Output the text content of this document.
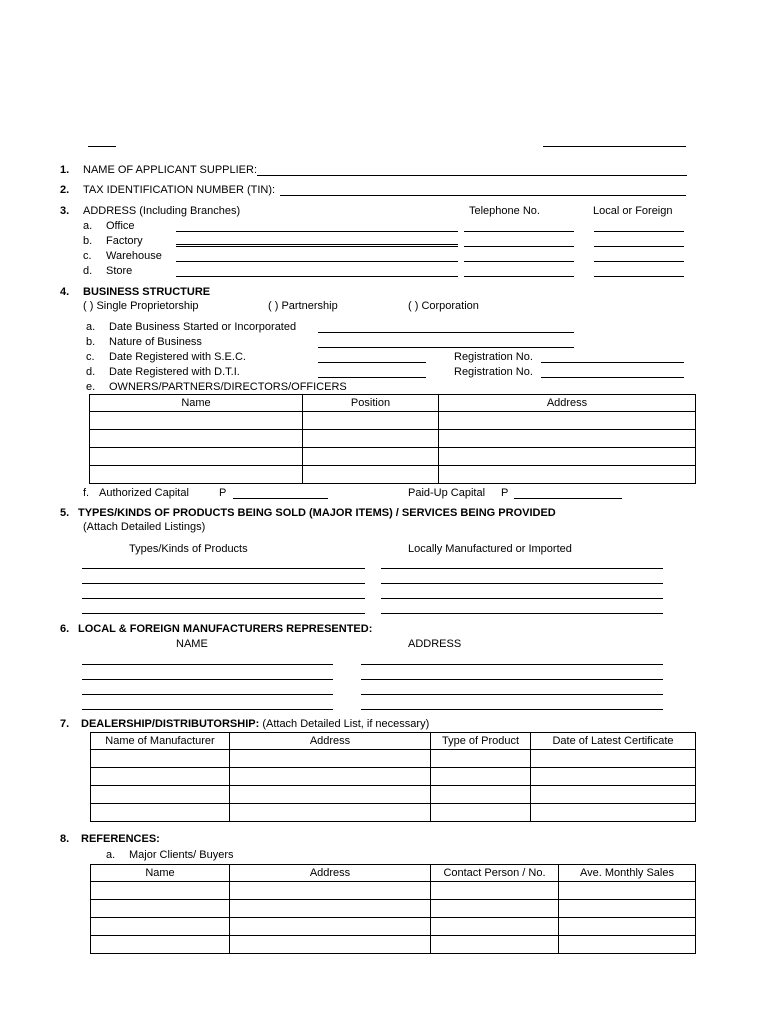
1. NAME OF APPLICANT SUPPLIER:
2. TAX IDENTIFICATION NUMBER (TIN):
3. ADDRESS (Including Branches)	Telephone No.	Local or Foreign
a. Office
b. Factory
c. Warehouse
d. Store
4. BUSINESS STRUCTURE
( ) Single Proprietorship	( ) Partnership	( ) Corporation
a. Date Business Started or Incorporated
b. Nature of Business
c. Date Registered with S.E.C.	Registration No.
d. Date Registered with D.T.I.	Registration No.
e. OWNERS/PARTNERS/DIRECTORS/OFFICERS
Name	Position	Address

f. Authorized Capital	P	Paid-Up Capital P
5. TYPES/KINDS OF PRODUCTS BEING SOLD (MAJOR ITEMS) / SERVICES BEING PROVIDED
(Attach Detailed Listings)
Types/Kinds of Products	Locally Manufactured or Imported
6. LOCAL & FOREIGN MANUFACTURERS REPRESENTED:
NAME	ADDRESS
7. DEALERSHIP/DISTRIBUTORSHIP: (Attach Detailed List, if necessary)
Name of Manufacturer	Address	Type of Product	Date of Latest Certificate

8. REFERENCES:
a. Major Clients/ Buyers
Name	Address	Contact Person / No.	Ave. Monthly Sales
